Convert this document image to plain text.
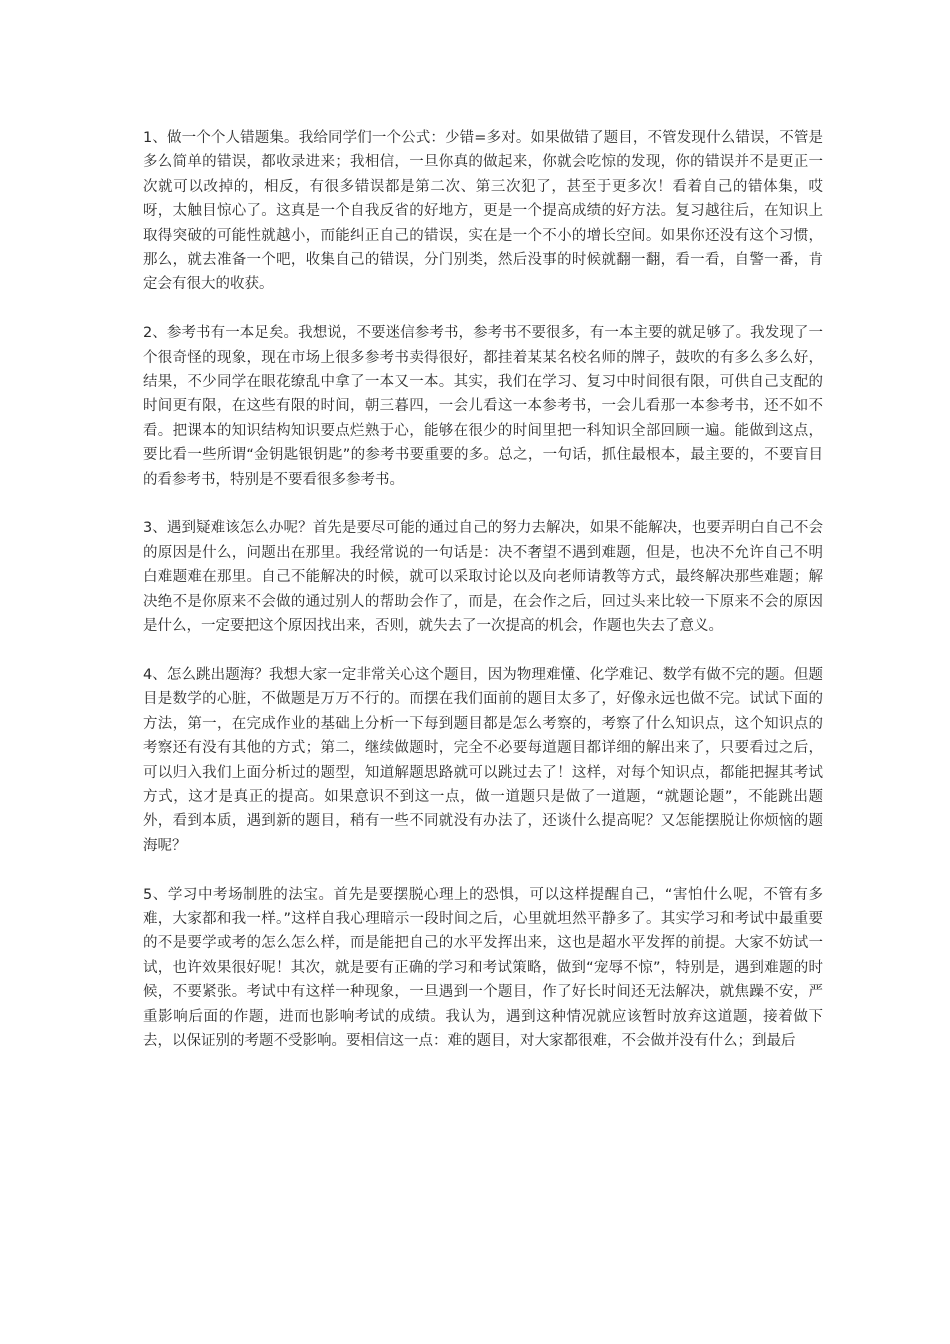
1、做一个个人错题集。我给同学们一个公式：少错=多对。如果做错了题目，不管发现什么错误，不管是多么简单的错误，都收录进来；我相信，一旦你真的做起来，你就会吃惊的发现，你的错误并不是更正一次就可以改掉的，相反，有很多错误都是第二次、第三次犯了，甚至于更多次！看着自己的错体集，哎呀，太触目惊心了。这真是一个自我反省的好地方，更是一个提高成绩的好方法。复习越往后，在知识上取得突破的可能性就越小，而能纠正自己的错误，实在是一个不小的增长空间。如果你还没有这个习惯，那么，就去准备一个吧，收集自己的错误，分门别类，然后没事的时候就翻一翻，看一看，自警一番，肯定会有很大的收获。

2、参考书有一本足矣。我想说，不要迷信参考书，参考书不要很多，有一本主要的就足够了。我发现了一个很奇怪的现象，现在市场上很多参考书卖得很好，都挂着某某名校名师的牌子，鼓吹的有多么多么好，结果，不少同学在眼花缭乱中拿了一本又一本。其实，我们在学习、复习中时间很有限，可供自己支配的时间更有限，在这些有限的时间，朝三暮四，一会儿看这一本参考书，一会儿看那一本参考书，还不如不看。把课本的知识结构知识要点烂熟于心，能够在很少的时间里把一科知识全部回顾一遍。能做到这点，要比看一些所谓“金钥匙银钥匙”的参考书要重要的多。总之，一句话，抓住最根本，最主要的，不要盲目的看参考书，特别是不要看很多参考书。

3、遇到疑难该怎么办呢？首先是要尽可能的通过自己的努力去解决，如果不能解决，也要弄明白自己不会的原因是什么，问题出在那里。我经常说的一句话是：决不奢望不遇到难题，但是，也决不允许自己不明白难题难在那里。自己不能解决的时候，就可以采取讨论以及向老师请教等方式，最终解决那些难题；解决绝不是你原来不会做的通过别人的帮助会作了，而是，在会作之后，回过头来比较一下原来不会的原因是什么，一定要把这个原因找出来，否则，就失去了一次提高的机会，作题也失去了意义。

4、怎么跳出题海？我想大家一定非常关心这个题目，因为物理难懂、化学难记、数学有做不完的题。但题目是数学的心脏，不做题是万万不行的。而摆在我们面前的题目太多了，好像永远也做不完。试试下面的方法，第一，在完成作业的基础上分析一下每到题目都是怎么考察的，考察了什么知识点，这个知识点的考察还有没有其他的方式；第二，继续做题时，完全不必要每道题目都详细的解出来了，只要看过之后，可以归入我们上面分析过的题型，知道解题思路就可以跳过去了！这样，对每个知识点，都能把握其考试方式，这才是真正的提高。如果意识不到这一点，做一道题只是做了一道题，“就题论题”，不能跳出题外，看到本质，遇到新的题目，稍有一些不同就没有办法了，还谈什么提高呢？又怎能摆脱让你烦恼的题海呢？

5、学习中考场制胜的法宝。首先是要摆脱心理上的恐惧，可以这样提醒自己，“害怕什么呢，不管有多难，大家都和我一样。”这样自我心理暗示一段时间之后，心里就坦然平静多了。其实学习和考试中最重要的不是要学或考的怎么怎么样，而是能把自己的水平发挥出来，这也是超水平发挥的前提。大家不妨试一试，也许效果很好呢！其次，就是要有正确的学习和考试策略，做到“宠辱不惊”，特别是，遇到难题的时候，不要紧张。考试中有这样一种现象，一旦遇到一个题目，作了好长时间还无法解决，就焦躁不安，严重影响后面的作题，进而也影响考试的成绩。我认为，遇到这种情况就应该暂时放弃这道题，接着做下去，以保证别的考题不受影响。要相信这一点：难的题目，对大家都很难，不会做并没有什么；到最后
